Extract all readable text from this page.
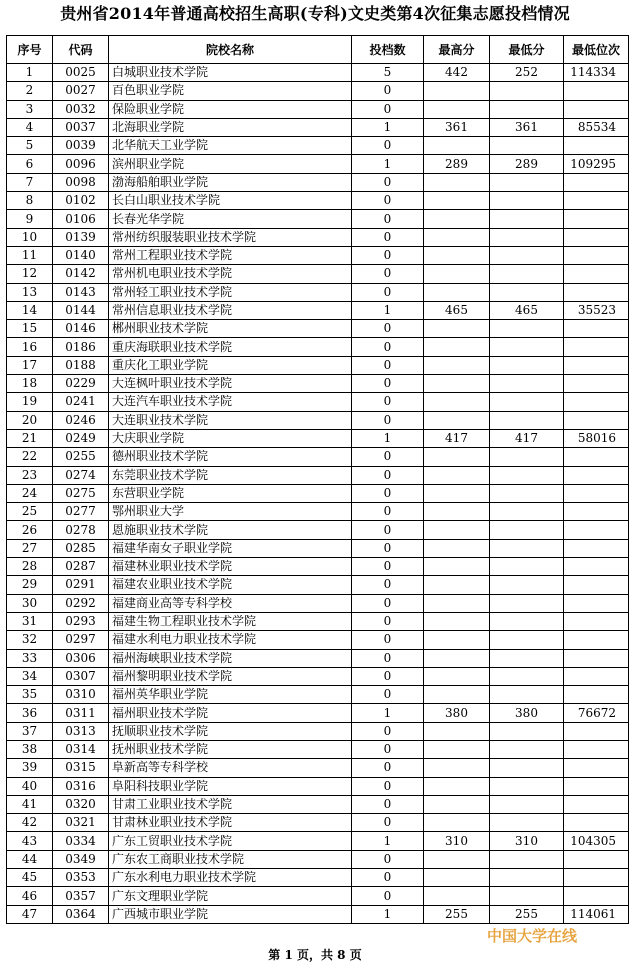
贵州省2014年普通高校招生高职(专科)文史类第4次征集志愿投档情况
序号	代码	院校名称	投档数	最高分	最低分	最低位次
1	0025	白城职业技术学院	5	442	252	114334
2	0027	百色职业学院	0			
3	0032	保险职业学院	0			
4	0037	北海职业学院	1	361	361	85534
5	0039	北华航天工业学院	0			
6	0096	滨州职业学院	1	289	289	109295
7	0098	渤海船舶职业学院	0			
8	0102	长白山职业技术学院	0			
9	0106	长春光华学院	0			
10	0139	常州纺织服装职业技术学院	0			
11	0140	常州工程职业技术学院	0			
12	0142	常州机电职业技术学院	0			
13	0143	常州轻工职业技术学院	0			
14	0144	常州信息职业技术学院	1	465	465	35523
15	0146	郴州职业技术学院	0			
16	0186	重庆海联职业技术学院	0			
17	0188	重庆化工职业学院	0			
18	0229	大连枫叶职业技术学院	0			
19	0241	大连汽车职业技术学院	0			
20	0246	大连职业技术学院	0			
21	0249	大庆职业学院	1	417	417	58016
22	0255	德州职业技术学院	0			
23	0274	东莞职业技术学院	0			
24	0275	东营职业学院	0			
25	0277	鄂州职业大学	0			
26	0278	恩施职业技术学院	0			
27	0285	福建华南女子职业学院	0			
28	0287	福建林业职业技术学院	0			
29	0291	福建农业职业技术学院	0			
30	0292	福建商业高等专科学校	0			
31	0293	福建生物工程职业技术学院	0			
32	0297	福建水利电力职业技术学院	0			
33	0306	福州海峡职业技术学院	0			
34	0307	福州黎明职业技术学院	0			
35	0310	福州英华职业学院	0			
36	0311	福州职业技术学院	1	380	380	76672
37	0313	抚顺职业技术学院	0			
38	0314	抚州职业技术学院	0			
39	0315	阜新高等专科学校	0			
40	0316	阜阳科技职业学院	0			
41	0320	甘肃工业职业技术学院	0			
42	0321	甘肃林业职业技术学院	0			
43	0334	广东工贸职业技术学院	1	310	310	104305
44	0349	广东农工商职业技术学院	0			
45	0353	广东水利电力职业技术学院	0			
46	0357	广东文理职业学院	0			
47	0364	广西城市职业学院	1	255	255	114061
第 1 页，共 8 页
中国大学在线
